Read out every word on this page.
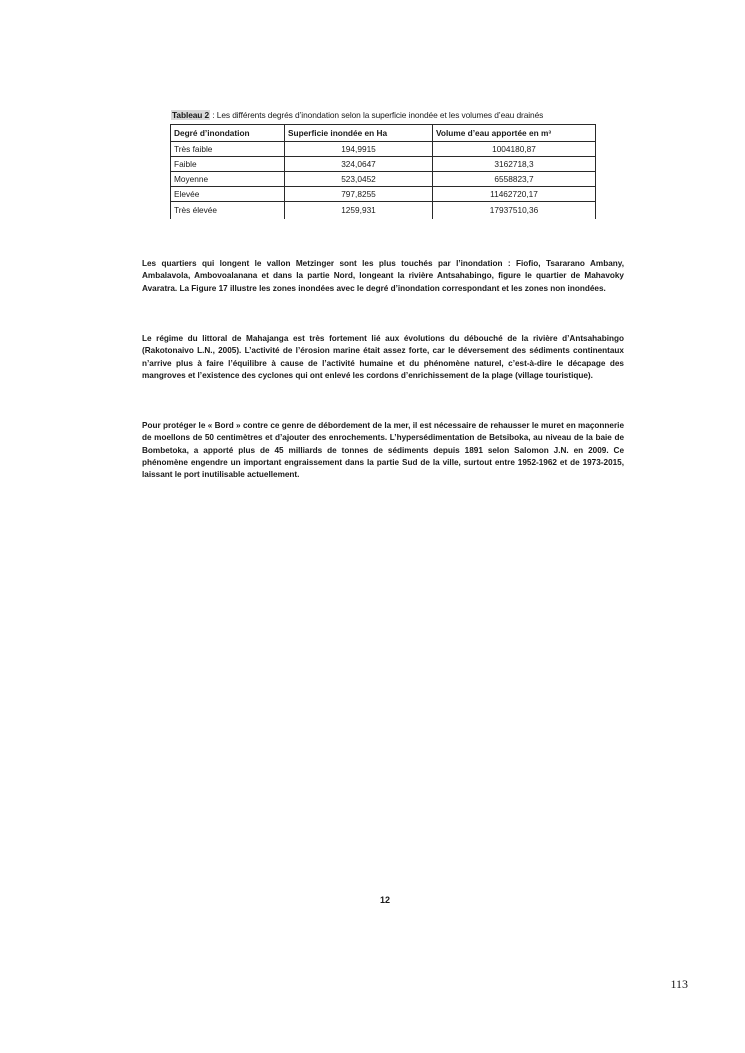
Tableau 2 : Les différents degrés d’inondation selon la superficie inondée et les volumes d’eau drainés
Degré d’inondation	Superficie inondée en Ha	Volume d’eau apportée en m³
Très faible	194,9915	1004180,87
Faible	324,0647	3162718,3
Moyenne	523,0452	6558823,7
Elevée	797,8255	11462720,17
Très élevée	1259,931	17937510,36

Les quartiers qui longent le vallon Metzinger sont les plus touchés par l’inondation : Fiofio, Tsararano Ambany, Ambalavola, Ambovoalanana et dans la partie Nord, longeant la rivière Antsahabingo, figure le quartier de Mahavoky Avaratra. La Figure 17 illustre les zones inondées avec le degré d’inondation correspondant et les zones non inondées.

Le régime du littoral de Mahajanga est très fortement lié aux évolutions du débouché de la rivière d’Antsahabingo (Rakotonaivo L.N., 2005). L’activité de l’érosion marine était assez forte, car le déversement des sédiments continentaux n’arrive plus à faire l’équilibre à cause de l’activité humaine et du phénomène naturel, c’est-à-dire le décapage des mangroves et l’existence des cyclones qui ont enlevé les cordons d’enrichissement de la plage (village touristique).

Pour protéger le « Bord » contre ce genre de débordement de la mer, il est nécessaire de rehausser le muret en maçonnerie de moellons de 50 centimètres et d’ajouter des enrochements. L’hypersédimentation de Betsiboka, au niveau de la baie de Bombetoka, a apporté plus de 45 milliards de tonnes de sédiments depuis 1891 selon Salomon J.N. en 2009. Ce phénomène engendre un important engraissement dans la partie Sud de la ville, surtout entre 1952-1962 et de 1973-2015, laissant le port inutilisable actuellement.

12
113
